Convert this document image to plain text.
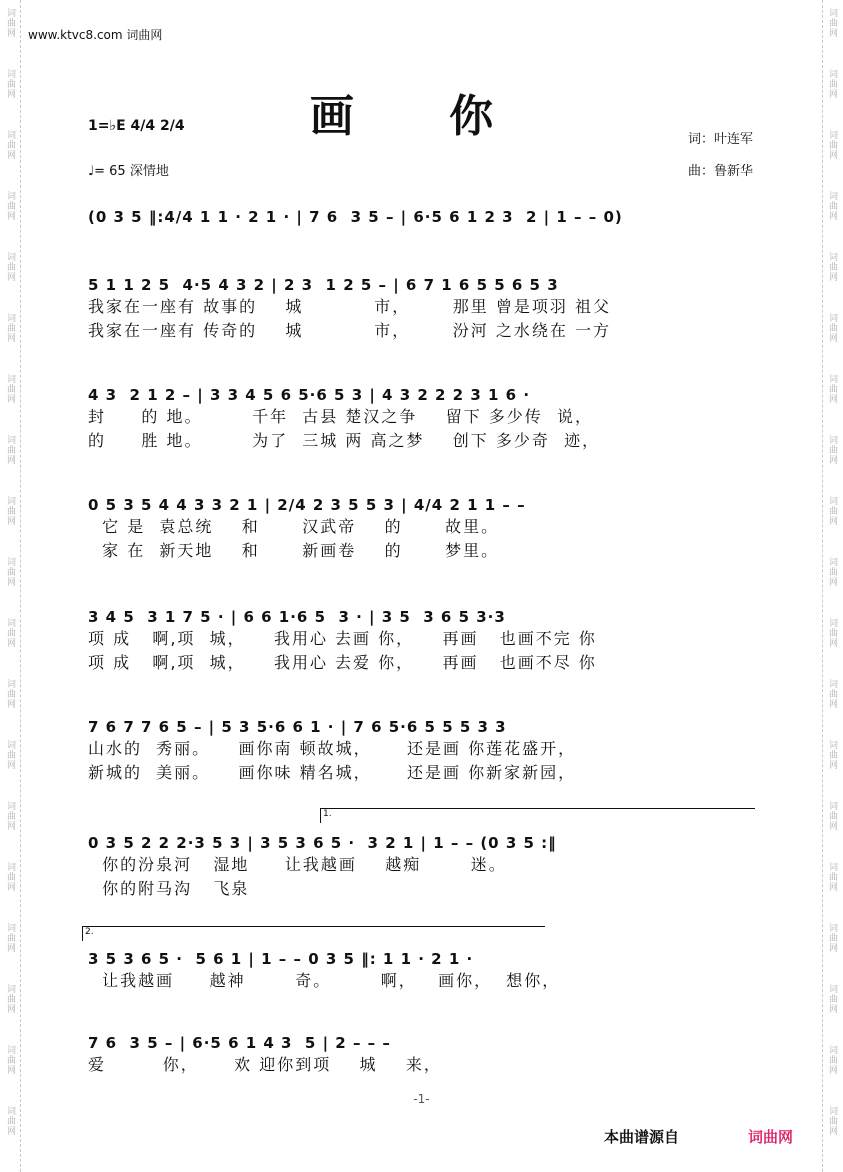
词曲网
词曲网
词曲网
词曲网
词曲网
词曲网
词曲网
词曲网
词曲网
词曲网
词曲网
词曲网
词曲网
词曲网
词曲网
词曲网
词曲网
词曲网
词曲网
词曲网
词曲网
词曲网
词曲网
词曲网
词曲网
词曲网
词曲网
词曲网
词曲网
词曲网
词曲网
词曲网
词曲网
词曲网
词曲网
词曲网
词曲网
词曲网
www.ktvc8.com 词曲网
画 你
1=♭E 4/4 2/4
♩= 65 深情地
词：叶连军
曲：鲁新华
(0 3 5 ‖:4/4 1 1 · 2 1 · | 7 6  3 5 – | 6·5 6 1 2 3  2 | 1 – – 0)
5 1 1 2 5  4·5 4 3 2 | 2 3  1 2 5 – | 6 7 1 6 5 5 6 5 3
我家在一座有 故事的    城          市，      那里 曾是项羽 祖父
我家在一座有 传奇的    城          市，      汾河 之水绕在 一方
4 3  2 1 2 – | 3 3 4 5 6 5·6 5 3 | 4 3 2 2 2 3 1 6 ·
封     的 地。       千年  古县 楚汉之争    留下 多少传  说，
的     胜 地。       为了  三城 两 高之梦    创下 多少奇  迹，
0 5 3 5 4 4 3 3 2 1 | 2/4 2 3 5 5 3 | 4/4 2 1 1 – –
它 是  袁总统    和      汉武帝    的      故里。
家 在  新天地    和      新画卷    的      梦里。
3 4 5  3 1 7 5 · | 6 6 1·6 5  3 · | 3 5  3 6 5 3·3
项 成   啊,项  城，    我用心 去画 你，    再画   也画不完 你
项 成   啊,项  城，    我用心 去爱 你，    再画   也画不尽 你
7 6 7 7 6 5 – | 5 3 5·6 6 1 · | 7 6 5·6 5 5 5 3 3
山水的  秀丽。    画你南 顿故城，     还是画 你莲花盛开，
新城的  美丽。    画你味 精名城，     还是画 你新家新园，
0 3 5 2 2 2·3 5 3 | 3 5 3 6 5 ·  3 2 1 | 1 – – (0 3 5 :‖
你的汾泉河   湿地     让我越画    越痴       迷。
你的附马沟   飞泉
3 5 3 6 5 ·  5 6 1 | 1 – – 0 3 5 ‖: 1 1 · 2 1 ·
让我越画     越神       奇。       啊，   画你，  想你，
7 6  3 5 – | 6·5 6 1 4 3  5 | 2 – – –
爱        你，     欢 迎你到项    城    来，
1.
2.
-1-
本曲谱源自	词曲网
